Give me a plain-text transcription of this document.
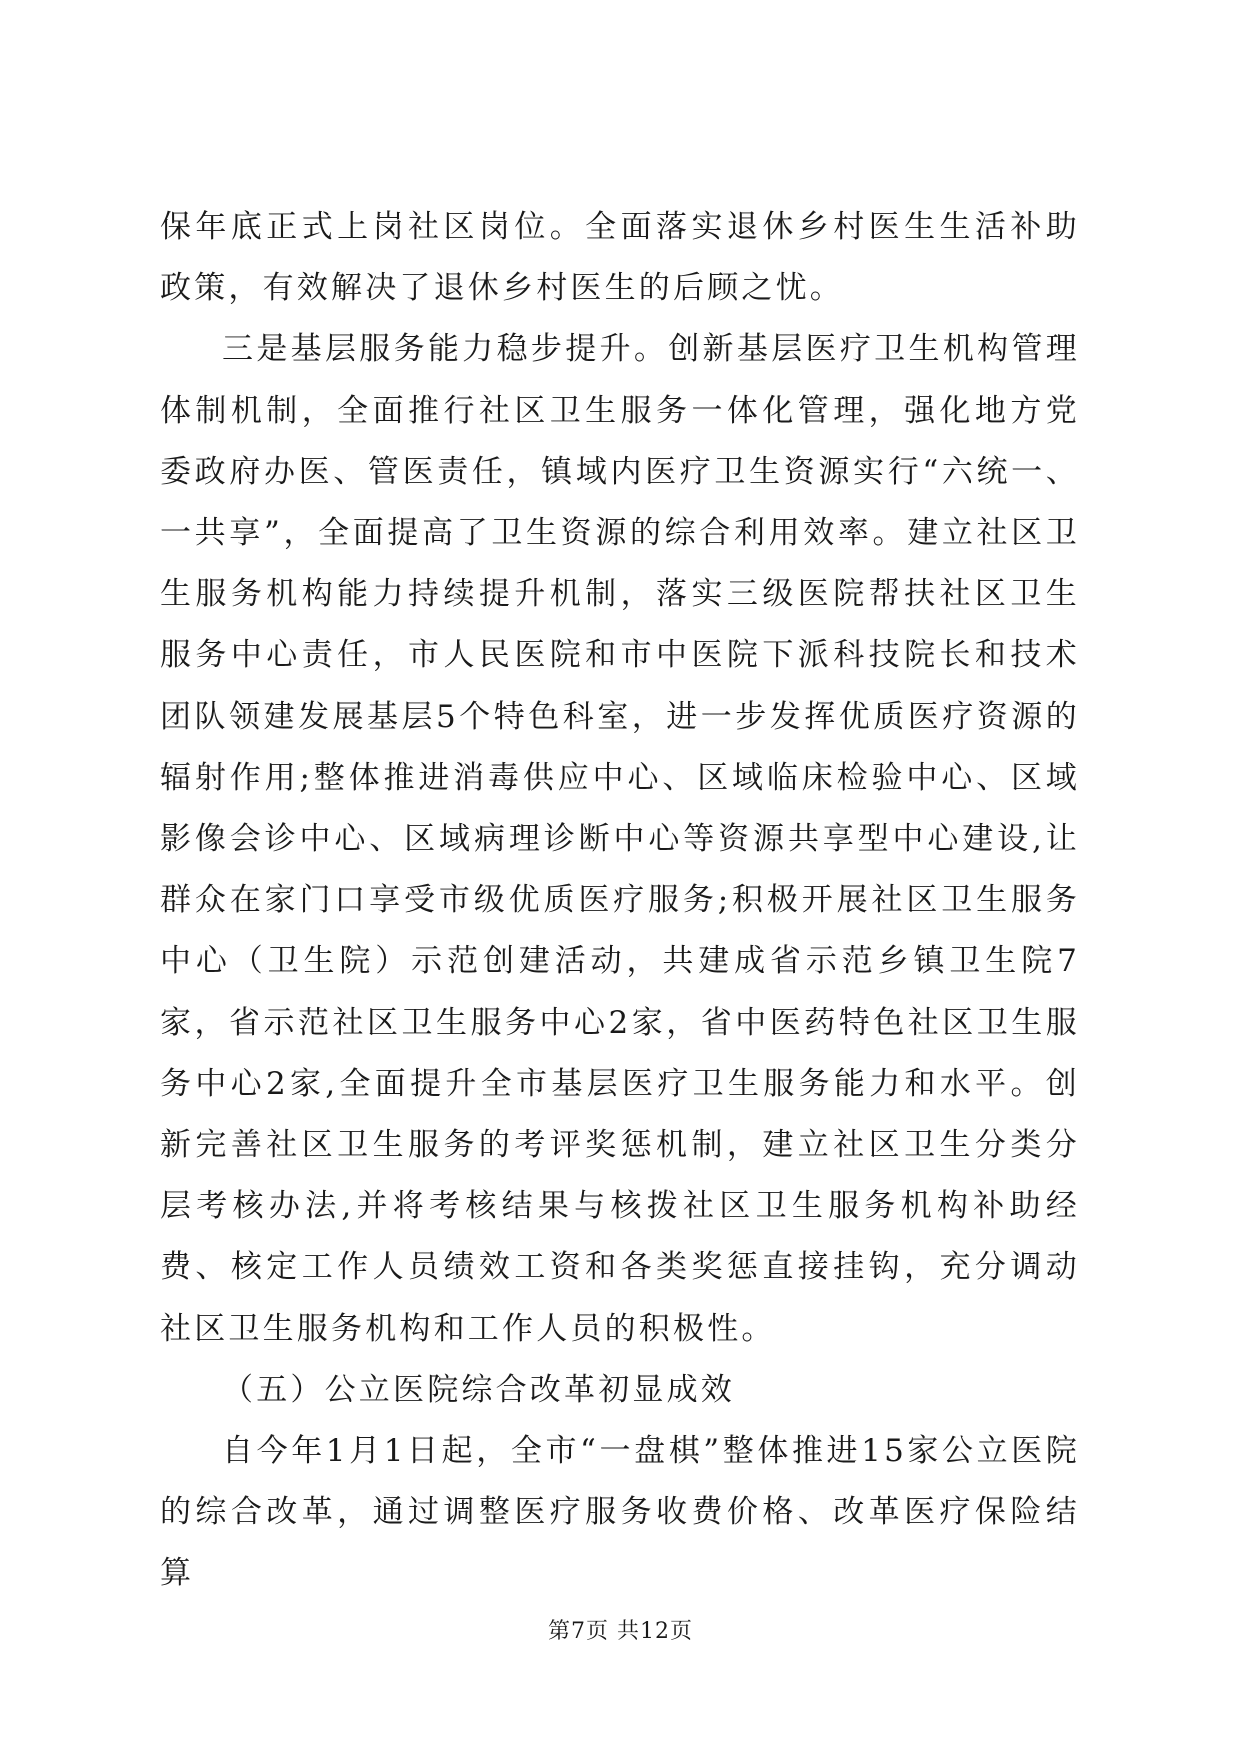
保年底正式上岗社区岗位。全面落实退休乡村医生生活补助政策，有效解决了退休乡村医生的后顾之忧。

三是基层服务能力稳步提升。创新基层医疗卫生机构管理体制机制，全面推行社区卫生服务一体化管理，强化地方党委政府办医、管医责任，镇域内医疗卫生资源实行“六统一、一共享”，全面提高了卫生资源的综合利用效率。建立社区卫生服务机构能力持续提升机制，落实三级医院帮扶社区卫生服务中心责任，市人民医院和市中医院下派科技院长和技术团队领建发展基层5个特色科室，进一步发挥优质医疗资源的辐射作用;整体推进消毒供应中心、区域临床检验中心、区域影像会诊中心、区域病理诊断中心等资源共享型中心建设,让群众在家门口享受市级优质医疗服务;积极开展社区卫生服务中心（卫生院）示范创建活动，共建成省示范乡镇卫生院7家，省示范社区卫生服务中心2家，省中医药特色社区卫生服务中心2家,全面提升全市基层医疗卫生服务能力和水平。创新完善社区卫生服务的考评奖惩机制，建立社区卫生分类分层考核办法,并将考核结果与核拨社区卫生服务机构补助经费、核定工作人员绩效工资和各类奖惩直接挂钩，充分调动社区卫生服务机构和工作人员的积极性。

（五）公立医院综合改革初显成效

自今年1月1日起，全市“一盘棋”整体推进15家公立医院的综合改革，通过调整医疗服务收费价格、改革医疗保险结算

第7页 共12页
